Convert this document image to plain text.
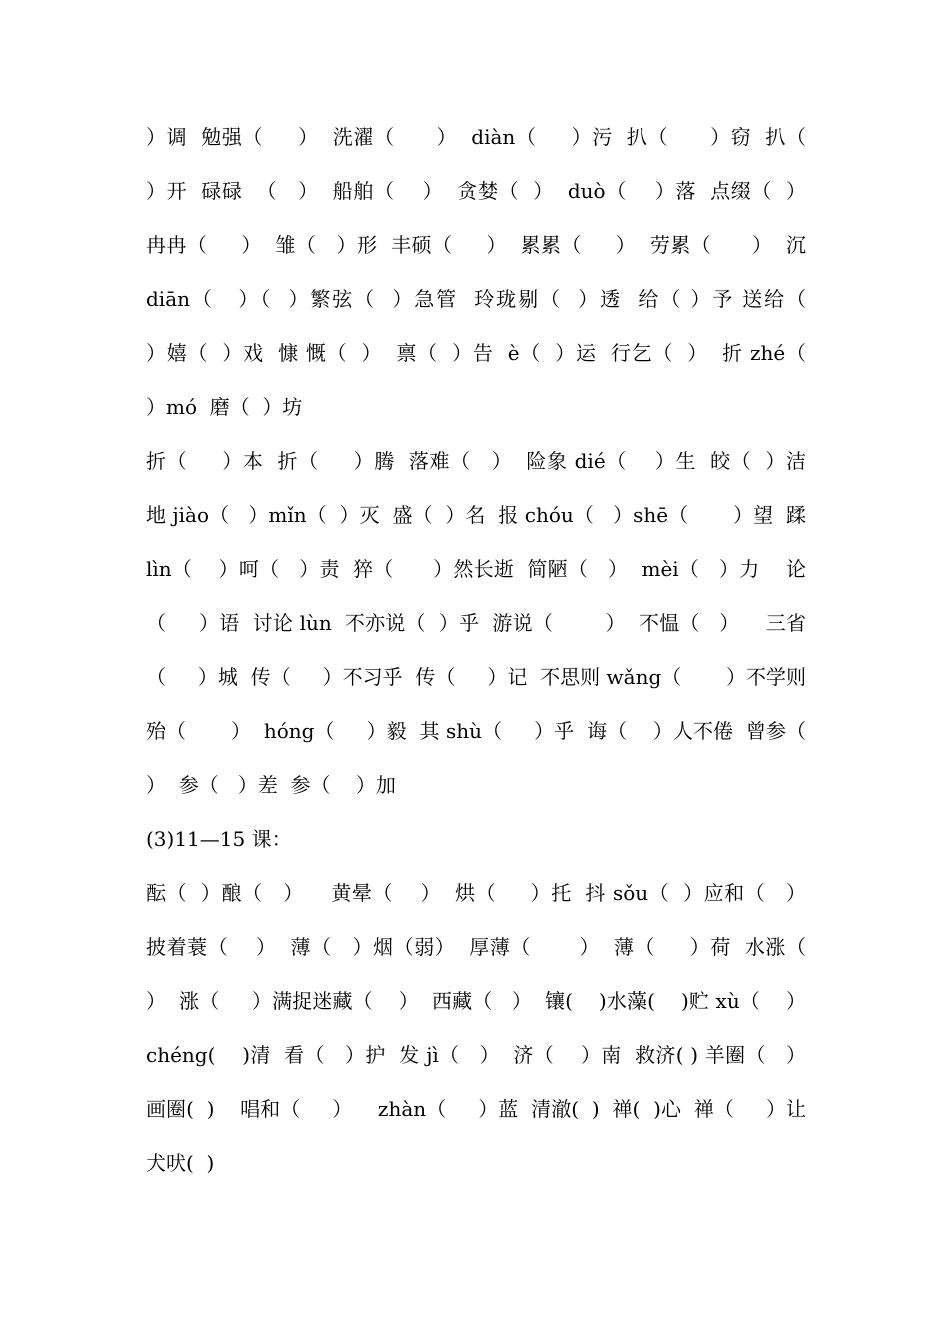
）调  勉强（     ）  洗濯（      ）  diàn（     ）污  扒（      ）窃  扒（
）开  碌碌  （   ）  船舶（    ）  贪婪（  ）  duò（    ）落  点缀（  ）
冉冉（     ）  雏（   ）形  丰硕（     ）  累累（     ）  劳累（      ）  沉
diān（   ）（  ）繁弦（  ）急管  玲珑剔（  ）透  给（ ）予 送给（
）嬉（  ）戏  慷 慨（  ）  禀（  ）告  è（  ）运  行乞（  ）  折 zhé（
）mó  磨（  ）坊
折（     ）本  折（     ）腾  落难（   ）  险象 dié（    ）生  皎（  ）洁
地 jiào（   ）mǐn（  ）灭  盛（  ）名  报 chóu（   ）shē（       ）望  蹂
lìn（    ）呵（   ）责  猝（      ）然长逝  简陋（   ）  mèi（   ）力    论
（     ）语  讨论 lùn  不亦说（  ）乎  游说（        ）  不愠（   ）    三省
（     ）城  传（     ）不习乎  传（     ）记  不思则 wǎng（       ）不学则
殆（       ）  hóng（     ）毅  其 shù（     ）乎  诲（    ）人不倦  曾参（
）  参（   ）差  参（    ）加
(3)11—15 课：
酝（  ）酿（   ）    黄晕（    ）  烘（     ）托  抖 sǒu（  ）应和（   ）
披着蓑（    ）  薄（   ）烟（弱）  厚薄（       ）  薄（     ）荷  水涨（
）  涨（     ）满捉迷藏（    ）  西藏（   ）  镶(    )水藻(    )贮 xù（    ）
chéng(    )清  看（   ）护  发 jì（   ）  济（    ）南  救济( ) 羊圈（   ）
画圈(  )    唱和（     ）    zhàn（     ）蓝  清澈(  )  禅(  )心  禅（     ）让
犬吠(  )
